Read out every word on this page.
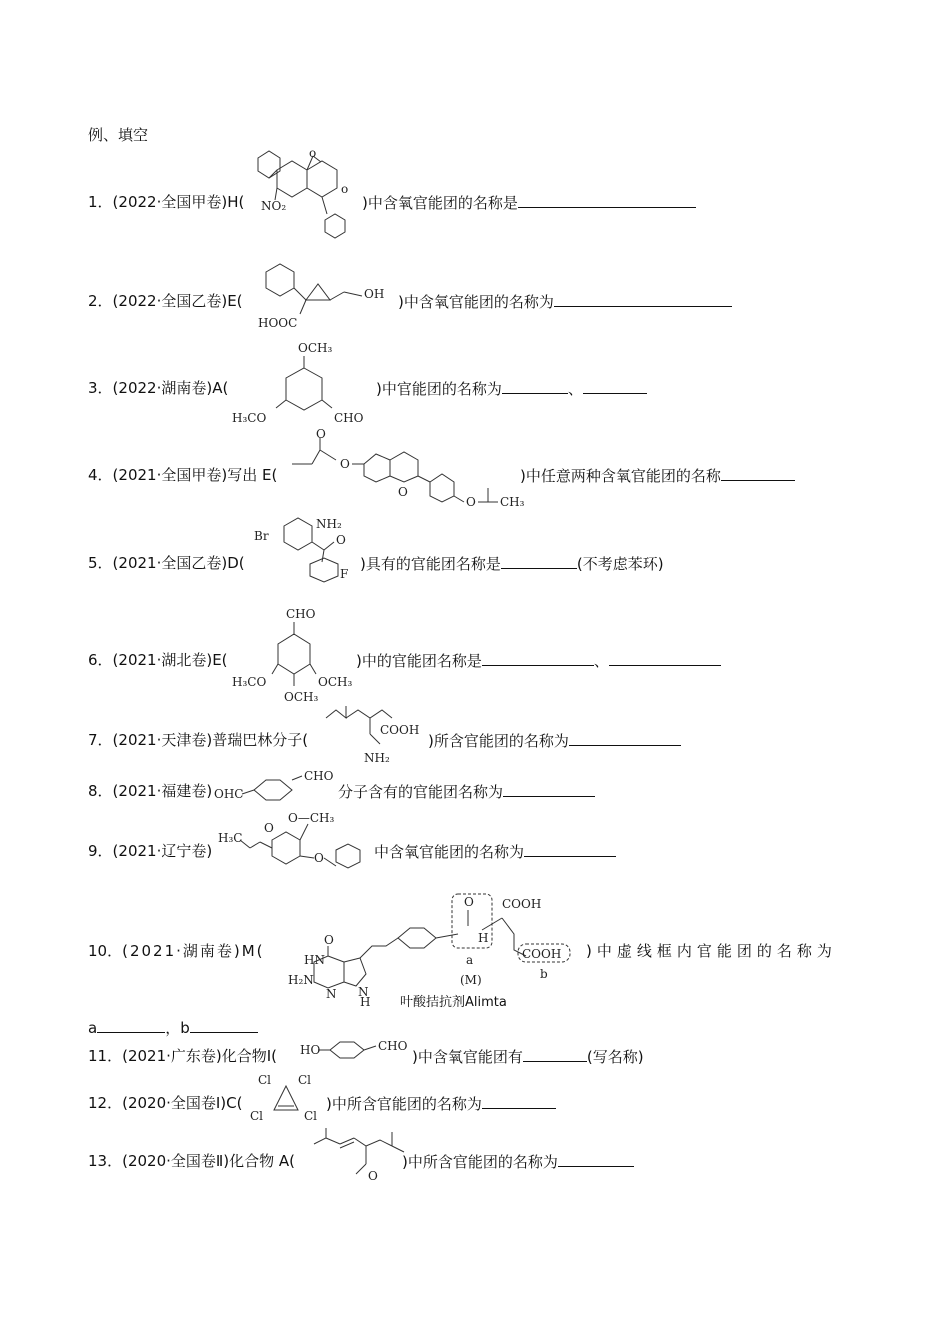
例、填空
1．(2022·全国甲卷)H(
o
o
NO₂	)中含氧官能团的名称是
2．(2022·全国乙卷)E(
HOOC
OH )中含氧官能团的名称为
3．(2022·湖南卷)A(
OCH₃
H₃CO	CHO
)中官能团的名称为	、
4．(2021·全国甲卷)写出 E(
O
O
O
O CH₃
)中任意两种含氧官能团的名称
5．(2021·全国乙卷)D(
Br
NH₂
O
F
)具有的官能团名称是	(不考虑苯环)
6．(2021·湖北卷)E(
CHO
H₃CO	OCH₃
OCH₃
)中的官能团名称是	、
7．(2021·天津卷)普瑞巴林分子(
COOH
NH₂
)所含官能团的名称为
8．(2021·福建卷) OHC
CHO
分子含有的官能团名称为
9．(2021·辽宁卷)
H₃C
O
O—CH₃
O	中含氧官能团的名称为
10．(2021·湖南卷)M(
O
HN
H₂N
N N
H
O
H
a
COOH
COOH
b
(M)
叶酸拮抗剂Alimta
)中虚线框内官能团的名称为
a	，b
11．(2021·广东卷)化合物Ⅰ( HO	CHO
)中含氧官能团有	(写名称)
12．(2020·全国卷Ⅰ)C(
Cl Cl
Cl	Cl
)中所含官能团的名称为
13．(2020·全国卷Ⅱ)化合物 A(
O
)中所含官能团的名称为
